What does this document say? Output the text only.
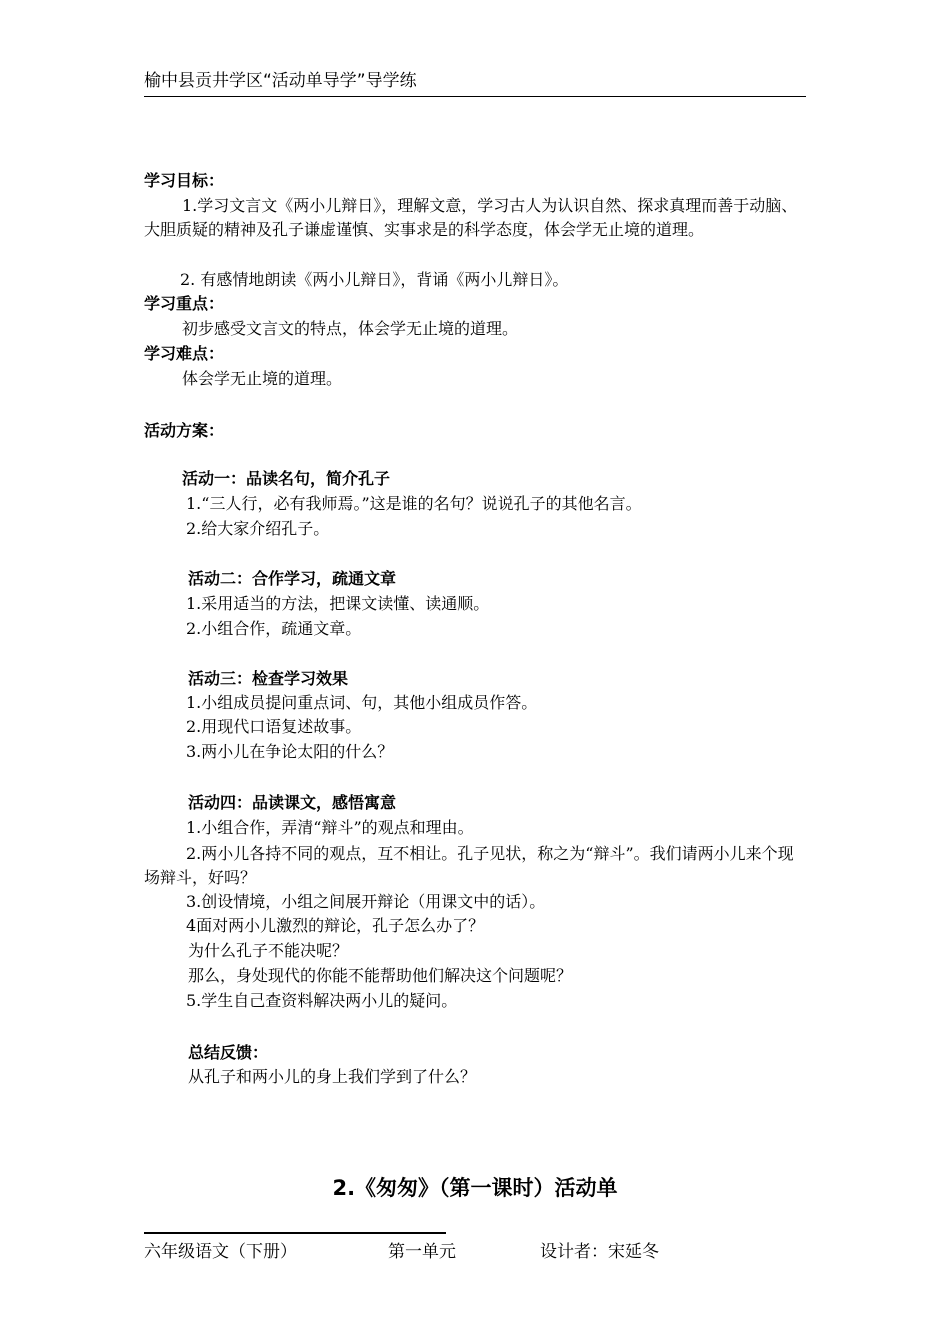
榆中县贡井学区“活动单导学”导学练
学习目标：
1.学习文言文《两小儿辩日》，理解文意，学习古人为认识自然、探求真理而善于动脑、大胆质疑的精神及孔子谦虚谨慎、实事求是的科学态度，体会学无止境的道理。
2. 有感情地朗读《两小儿辩日》，背诵《两小儿辩日》。
学习重点：
初步感受文言文的特点，体会学无止境的道理。
学习难点：
体会学无止境的道理。
活动方案：
活动一：品读名句，简介孔子
1.“三人行，必有我师焉。”这是谁的名句？说说孔子的其他名言。
2.给大家介绍孔子。
活动二：合作学习，疏通文章
1.采用适当的方法，把课文读懂、读通顺。
2.小组合作，疏通文章。
活动三：检查学习效果
1.小组成员提问重点词、句，其他小组成员作答。
2.用现代口语复述故事。
3.两小儿在争论太阳的什么？
活动四：品读课文，感悟寓意
1.小组合作，弄清“辩斗”的观点和理由。
2.两小儿各持不同的观点，互不相让。孔子见状，称之为“辩斗”。我们请两小儿来个现场辩斗，好吗？
3.创设情境，小组之间展开辩论（用课文中的话）。
4面对两小儿激烈的辩论，孔子怎么办了？
为什么孔子不能决呢？
那么，身处现代的你能不能帮助他们解决这个问题呢？
5.学生自己查资料解决两小儿的疑问。
总结反馈：
从孔子和两小儿的身上我们学到了什么？
2.《匆匆》（第一课时）活动单
六年级语文（下册）	第一单元	设计者：宋延冬
